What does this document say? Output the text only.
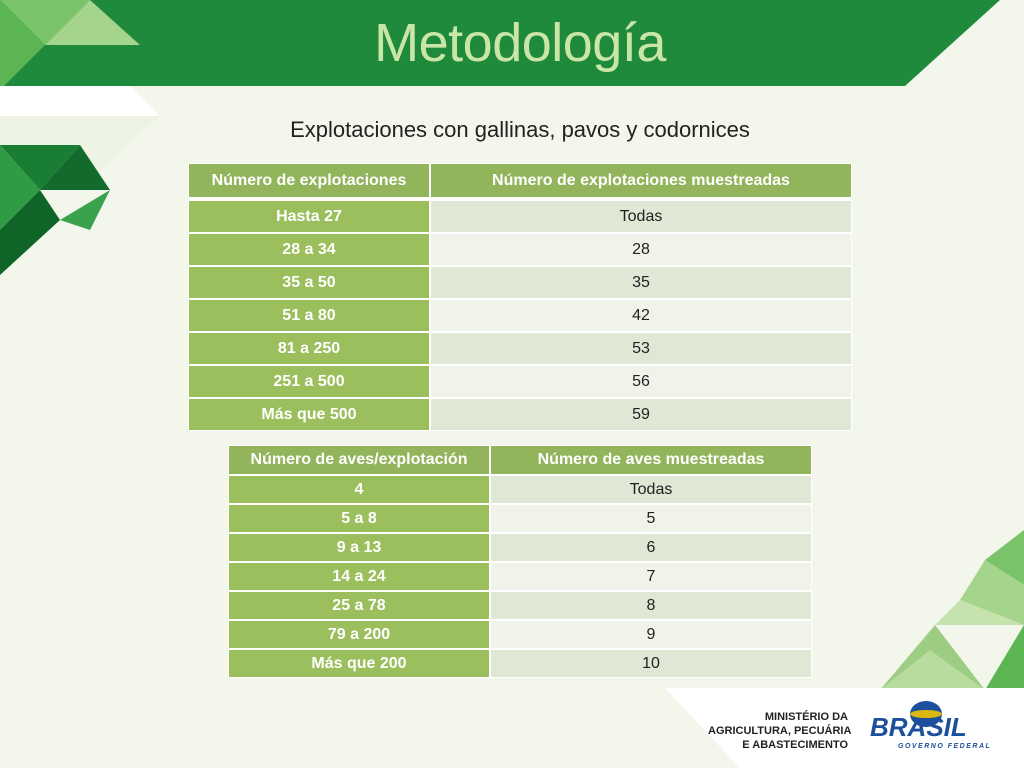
Metodología
Explotaciones con gallinas, pavos y codornices
Número de explotaciones	Número de explotaciones muestreadas

Hasta 27	Todas
28 a 34	28
35 a 50	35
51 a 80	42
81 a 250	53
251 a 500	56
Más que 500	59
Número de aves/explotación	Número de aves muestreadas
4	Todas
5 a 8	5
9 a 13	6
14 a 24	7
25 a 78	8
79 a 200	9
Más que 200	10
MINISTÉRIO DA
AGRICULTURA, PECUÁRIA
E ABASTECIMENTO
BRASIL
GOVERNO FEDERAL
